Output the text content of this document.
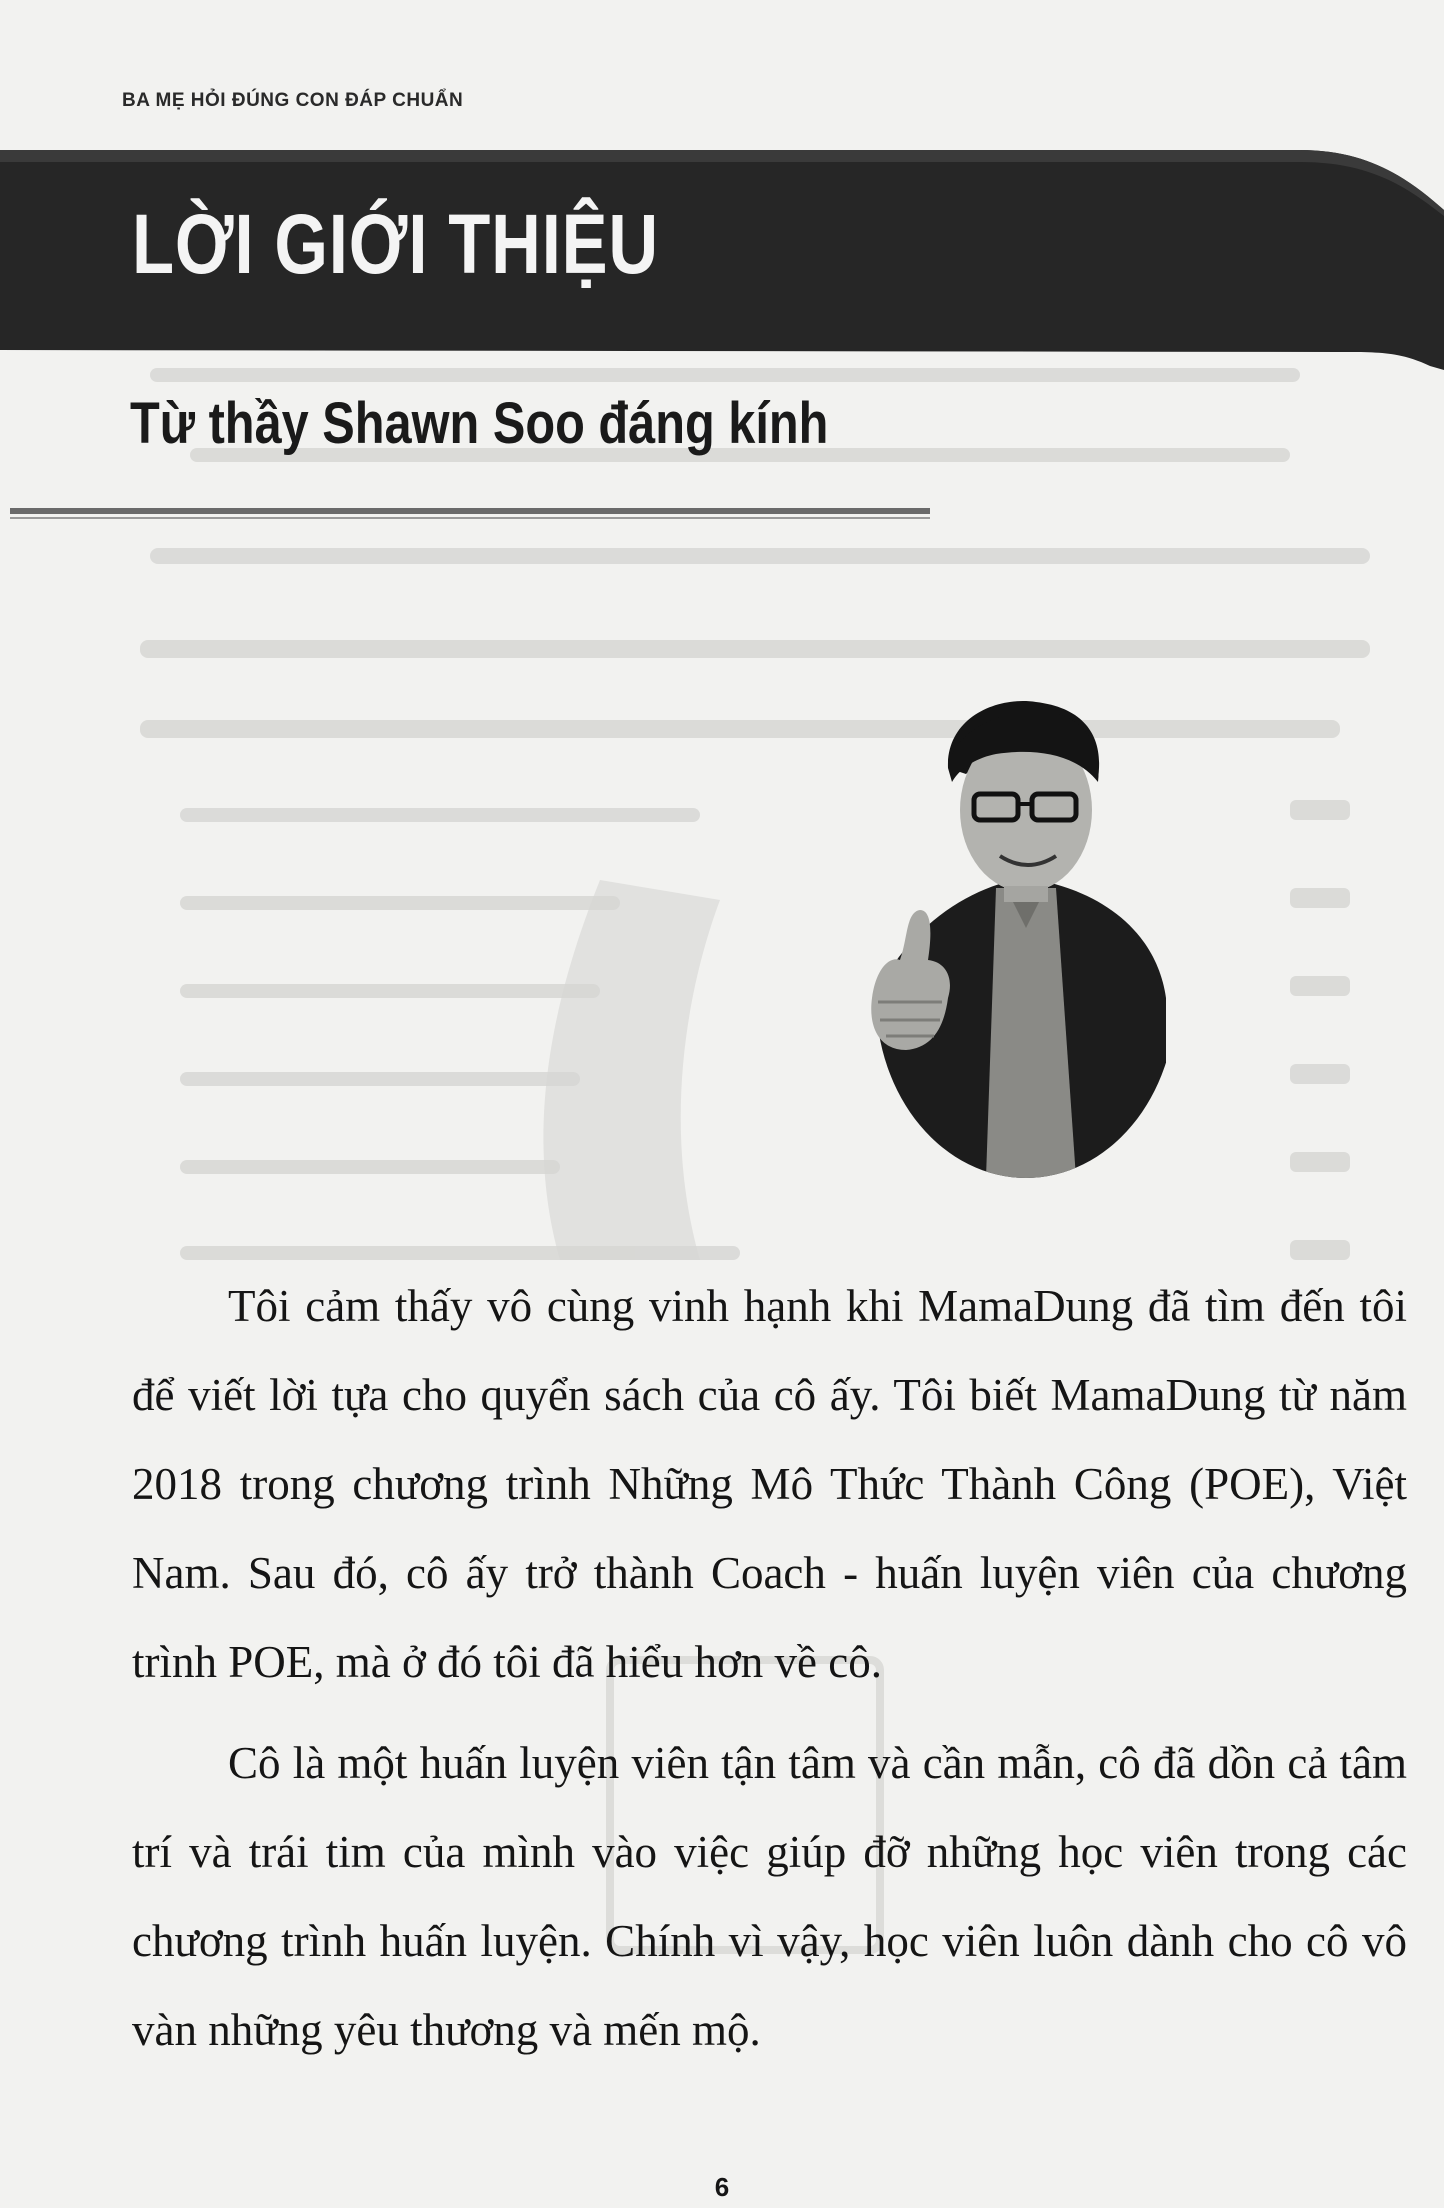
BA MẸ HỎI ĐÚNG CON ĐÁP CHUẨN
LỜI GIỚI THIỆU
Từ thầy Shawn Soo đáng kính

Tôi cảm thấy vô cùng vinh hạnh khi MamaDung đã tìm đến tôi để viết lời tựa cho quyển sách của cô ấy. Tôi biết MamaDung từ năm 2018 trong chương trình Những Mô Thức Thành Công (POE), Việt Nam. Sau đó, cô ấy trở thành Coach - huấn luyện viên của chương trình POE, mà ở đó tôi đã hiểu hơn về cô.

Cô là một huấn luyện viên tận tâm và cần mẫn, cô đã dồn cả tâm trí và trái tim của mình vào việc giúp đỡ những học viên trong các chương trình huấn luyện. Chính vì vậy, học viên luôn dành cho cô vô vàn những yêu thương và mến mộ.

6
